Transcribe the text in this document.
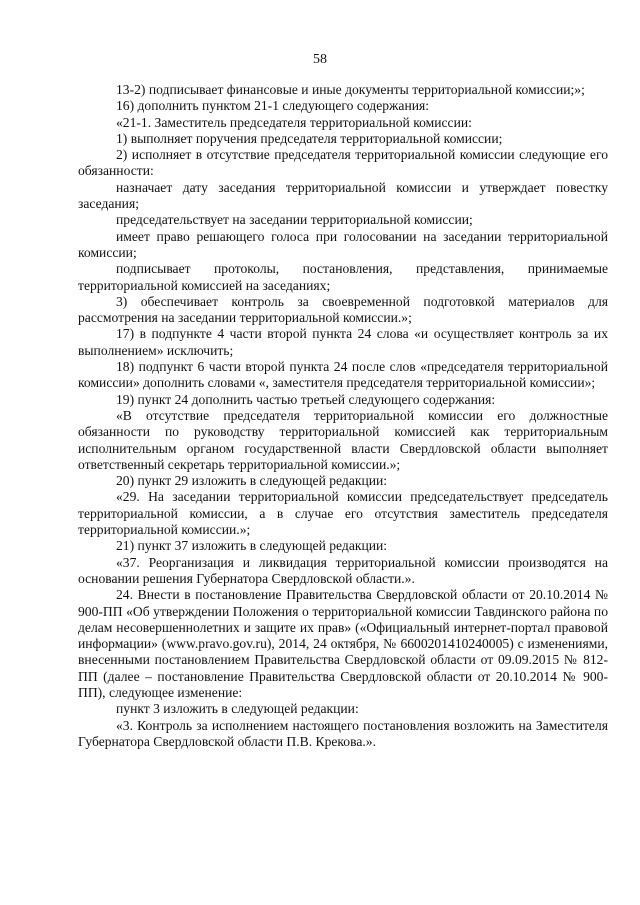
58

13-2) подписывает финансовые и иные документы территориальной комиссии;»;

16) дополнить пунктом 21-1 следующего содержания:

«21-1. Заместитель председателя территориальной комиссии:

1) выполняет поручения председателя территориальной комиссии;

2) исполняет в отсутствие председателя территориальной комиссии следующие его обязанности:

назначает дату заседания территориальной комиссии и утверждает повестку заседания;

председательствует на заседании территориальной комиссии;

имеет право решающего голоса при голосовании на заседании территориальной комиссии;

подписывает протоколы, постановления, представления, принимаемые территориальной комиссией на заседаниях;

3) обеспечивает контроль за своевременной подготовкой материалов для рассмотрения на заседании территориальной комиссии.»;

17) в подпункте 4 части второй пункта 24 слова «и осуществляет контроль за их выполнением» исключить;

18) подпункт 6 части второй пункта 24 после слов «председателя территориальной комиссии» дополнить словами «, заместителя председателя территориальной комиссии»;

19) пункт 24 дополнить частью третьей следующего содержания:

«В отсутствие председателя территориальной комиссии его должностные обязанности по руководству территориальной комиссией как территориальным исполнительным органом государственной власти Свердловской области выполняет ответственный секретарь территориальной комиссии.»;

20) пункт 29 изложить в следующей редакции:

«29. На заседании территориальной комиссии председательствует председатель территориальной комиссии, а в случае его отсутствия заместитель председателя территориальной комиссии.»;

21) пункт 37 изложить в следующей редакции:

«37. Реорганизация и ликвидация территориальной комиссии производятся на основании решения Губернатора Свердловской области.».

24. Внести в постановление Правительства Свердловской области от 20.10.2014 № 900-ПП «Об утверждении Положения о территориальной комиссии Тавдинского района по делам несовершеннолетних и защите их прав» («Официальный интернет-портал правовой информации» (www.pravo.gov.ru), 2014, 24 октября, № 6600201410240005) с изменениями, внесенными постановлением Правительства Свердловской области от 09.09.2015 № 812-ПП (далее – постановление Правительства Свердловской области от 20.10.2014 № 900-ПП), следующее изменение:

пункт 3 изложить в следующей редакции:

«3. Контроль за исполнением настоящего постановления возложить на Заместителя Губернатора Свердловской области П.В. Крекова.».
